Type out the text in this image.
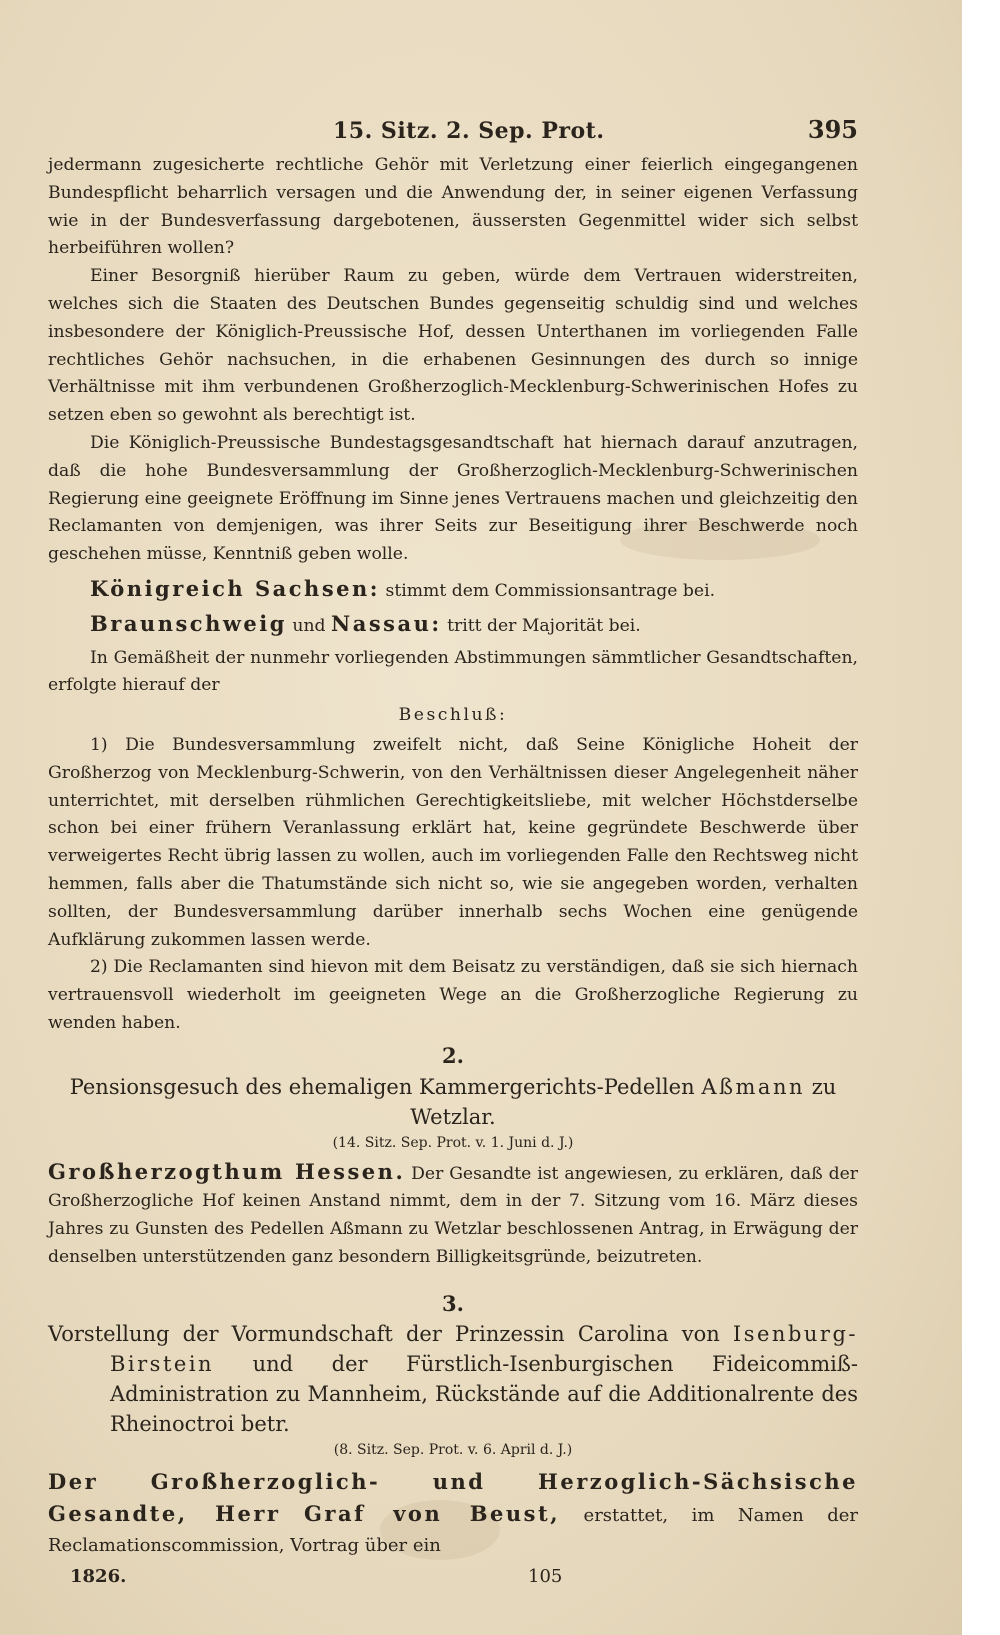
15. Sitz. 2. Sep. Prot.	395

jedermann zugesicherte rechtliche Gehör mit Verletzung einer feierlich eingegangenen Bundespflicht beharrlich versagen und die Anwendung der, in seiner eigenen Verfassung wie in der Bundesverfassung dargebotenen, äussersten Gegenmittel wider sich selbst herbeiführen wollen?

Einer Besorgniß hierüber Raum zu geben, würde dem Vertrauen widerstreiten, welches sich die Staaten des Deutschen Bundes gegenseitig schuldig sind und welches insbesondere der Königlich-Preussische Hof, dessen Unterthanen im vorliegenden Falle rechtliches Gehör nachsuchen, in die erhabenen Gesinnungen des durch so innige Verhältnisse mit ihm verbundenen Großherzoglich-Mecklenburg-Schwerinischen Hofes zu setzen eben so gewohnt als berechtigt ist.

Die Königlich-Preussische Bundestagsgesandtschaft hat hiernach darauf anzutragen, daß die hohe Bundesversammlung der Großherzoglich-Mecklenburg-Schwerinischen Regierung eine geeignete Eröffnung im Sinne jenes Vertrauens machen und gleichzeitig den Reclamanten von demjenigen, was ihrer Seits zur Beseitigung ihrer Beschwerde noch geschehen müsse, Kenntniß geben wolle.

Königreich Sachsen: stimmt dem Commissionsantrage bei.

Braunschweig und Nassau: tritt der Majorität bei.

In Gemäßheit der nunmehr vorliegenden Abstimmungen sämmtlicher Gesandtschaften, erfolgte hierauf der

Beschluß:

1) Die Bundesversammlung zweifelt nicht, daß Seine Königliche Hoheit der Großherzog von Mecklenburg-Schwerin, von den Verhältnissen dieser Angelegenheit näher unterrichtet, mit derselben rühmlichen Gerechtigkeitsliebe, mit welcher Höchstderselbe schon bei einer frühern Veranlassung erklärt hat, keine gegründete Beschwerde über verweigertes Recht übrig lassen zu wollen, auch im vorliegenden Falle den Rechtsweg nicht hemmen, falls aber die Thatumstände sich nicht so, wie sie angegeben worden, verhalten sollten, der Bundesversammlung darüber innerhalb sechs Wochen eine genügende Aufklärung zukommen lassen werde.

2) Die Reclamanten sind hievon mit dem Beisatz zu verständigen, daß sie sich hiernach vertrauensvoll wiederholt im geeigneten Wege an die Großherzogliche Regierung zu wenden haben.

2.

Pensionsgesuch des ehemaligen Kammergerichts-Pedellen Aßmann zu Wetzlar.

(14. Sitz. Sep. Prot. v. 1. Juni d. J.)

Großherzogthum Hessen. Der Gesandte ist angewiesen, zu erklären, daß der Großherzogliche Hof keinen Anstand nimmt, dem in der 7. Sitzung vom 16. März dieses Jahres zu Gunsten des Pedellen Aßmann zu Wetzlar beschlossenen Antrag, in Erwägung der denselben unterstützenden ganz besondern Billigkeitsgründe, beizutreten.

3.

Vorstellung der Vormundschaft der Prinzessin Carolina von Isenburg-Birstein und der Fürstlich-Isenburgischen Fideicommiß-Administration zu Mannheim, Rückstände auf die Additionalrente des Rheinoctroi betr.

(8. Sitz. Sep. Prot. v. 6. April d. J.)

Der Großherzoglich- und Herzoglich-Sächsische Gesandte, Herr Graf von Beust, erstattet, im Namen der Reclamationscommission, Vortrag über ein

1826.	105
